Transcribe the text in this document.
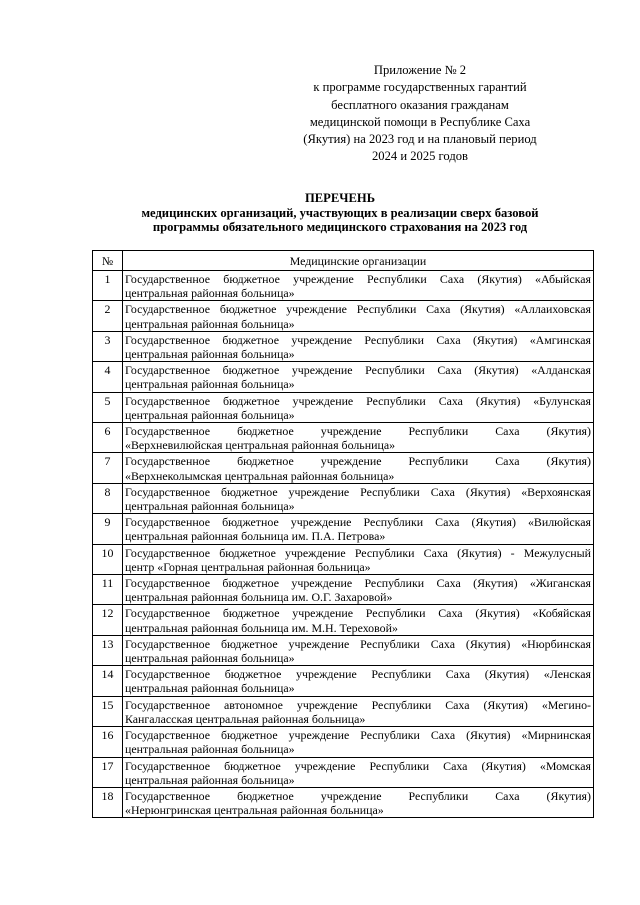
Приложение № 2
к программе государственных гарантий
бесплатного оказания гражданам
медицинской помощи в Республике Саха
(Якутия) на 2023 год и на плановый период
2024 и 2025 годов
ПЕРЕЧЕНЬ
медицинских организаций, участвующих в реализации сверх базовой
программы обязательного медицинского страхования на 2023 год
№	Медицинские организации
1	Государственное бюджетное учреждение Республики Саха (Якутия) «Абыйская
центральная районная больница»

2	Государственное бюджетное учреждение Республики Саха (Якутия) «Аллаиховская
центральная районная больница»

3	Государственное бюджетное учреждение Республики Саха (Якутия) «Амгинская
центральная районная больница»

4	Государственное бюджетное учреждение Республики Саха (Якутия) «Алданская
центральная районная больница»

5	Государственное бюджетное учреждение Республики Саха (Якутия) «Булунская
центральная районная больница»

6	Государственное бюджетное учреждение Республики Саха (Якутия)
«Верхневилюйская центральная районная больница»

7	Государственное бюджетное учреждение Республики Саха (Якутия)
«Верхнеколымская центральная районная больница»

8	Государственное бюджетное учреждение Республики Саха (Якутия) «Верхоянская
центральная районная больница»

9	Государственное бюджетное учреждение Республики Саха (Якутия) «Вилюйская
центральная районная больница им. П.А. Петрова»

10	Государственное бюджетное учреждение Республики Саха (Якутия) - Межулусный
центр «Горная центральная районная больница»

11	Государственное бюджетное учреждение Республики Саха (Якутия) «Жиганская
центральная районная больница им. О.Г. Захаровой»

12	Государственное бюджетное учреждение Республики Саха (Якутия) «Кобяйская
центральная районная больница им. М.Н. Тереховой»

13	Государственное бюджетное учреждение Республики Саха (Якутия) «Нюрбинская
центральная районная больница»

14	Государственное бюджетное учреждение Республики Саха (Якутия) «Ленская
центральная районная больница»

15	Государственное автономное учреждение Республики Саха (Якутия) «Мегино-
Кангаласская центральная районная больница»

16	Государственное бюджетное учреждение Республики Саха (Якутия) «Мирнинская
центральная районная больница»

17	Государственное бюджетное учреждение Республики Саха (Якутия) «Момская
центральная районная больница»

18	Государственное бюджетное учреждение Республики Саха (Якутия)
«Нерюнгринская центральная районная больница»
